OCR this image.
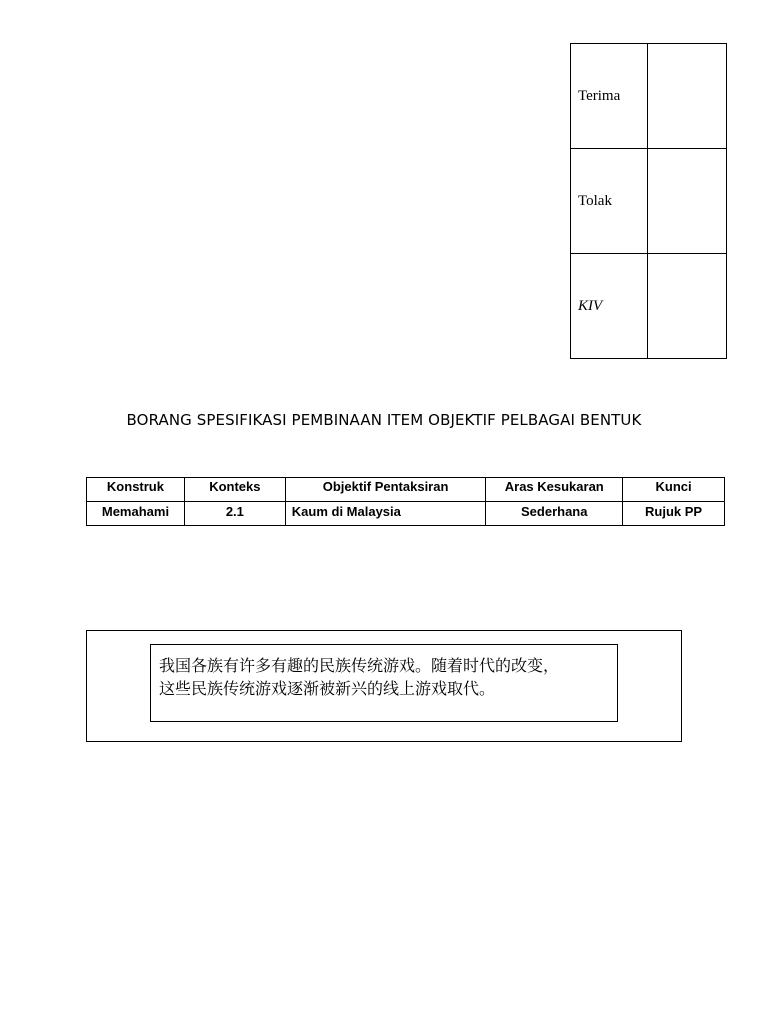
Terima	
Tolak	
KIV	
BORANG SPESIFIKASI PEMBINAAN ITEM OBJEKTIF PELBAGAI BENTUK
Konstruk	Konteks	Objektif Pentaksiran	Aras Kesukaran	Kunci
Memahami	2.1	Kaum di Malaysia	Sederhana	Rujuk PP

我国各族有许多有趣的民族传统游戏。随着时代的改变，

这些民族传统游戏逐渐被新兴的线上游戏取代。
